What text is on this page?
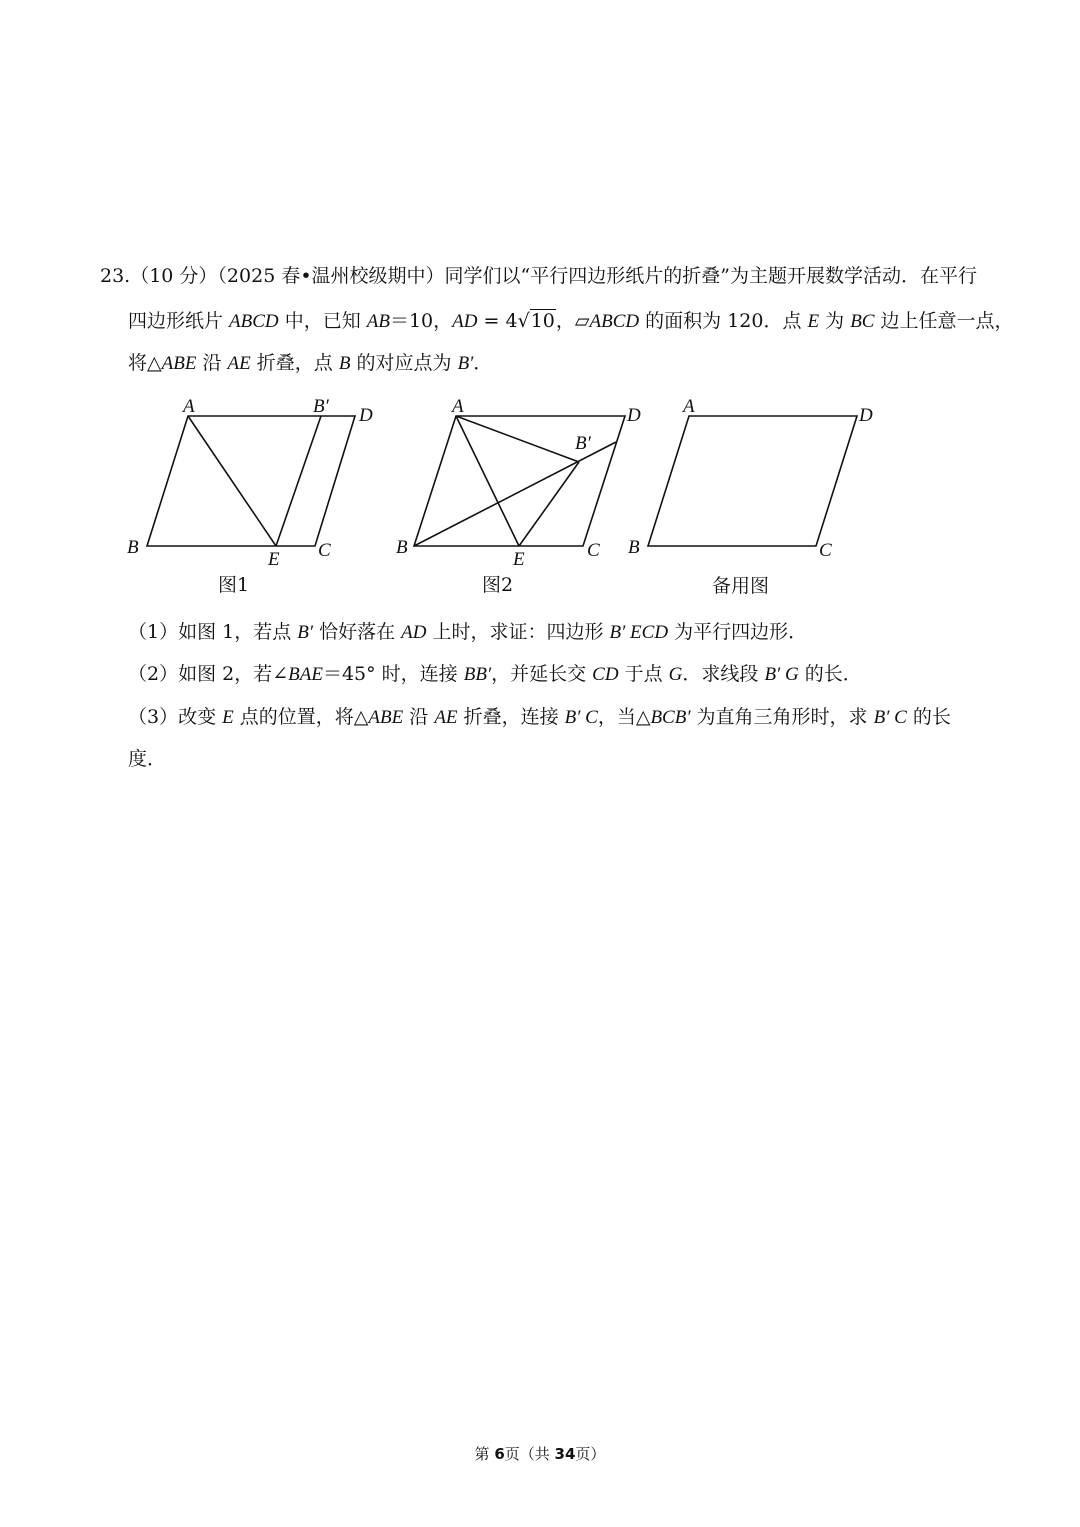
23.（10 分）（2025 春•温州校级期中）同学们以“平行四边形纸片的折叠”为主题开展数学活动．在平行
四边形纸片 ABCD 中，已知 AB＝10，AD = 4√10，▱ABCD 的面积为 120．点 E 为 BC 边上任意一点，
将△ABE 沿 AE 折叠，点 B 的对应点为 B′．
A	B′ D
B
E C
图1
A	D
B′
B
E	C
图2
A	D
B	C
备用图
（1）如图 1，若点 B′ 恰好落在 AD 上时，求证：四边形 B′ ECD 为平行四边形．
（2）如图 2，若∠BAE＝45° 时，连接 BB′，并延长交 CD 于点 G．求线段 B′ G 的长．
（3）改变 E 点的位置，将△ABE 沿 AE 折叠，连接 B′ C，当△BCB′ 为直角三角形时，求 B′ C 的长
度．
第 6页（共 34页）
